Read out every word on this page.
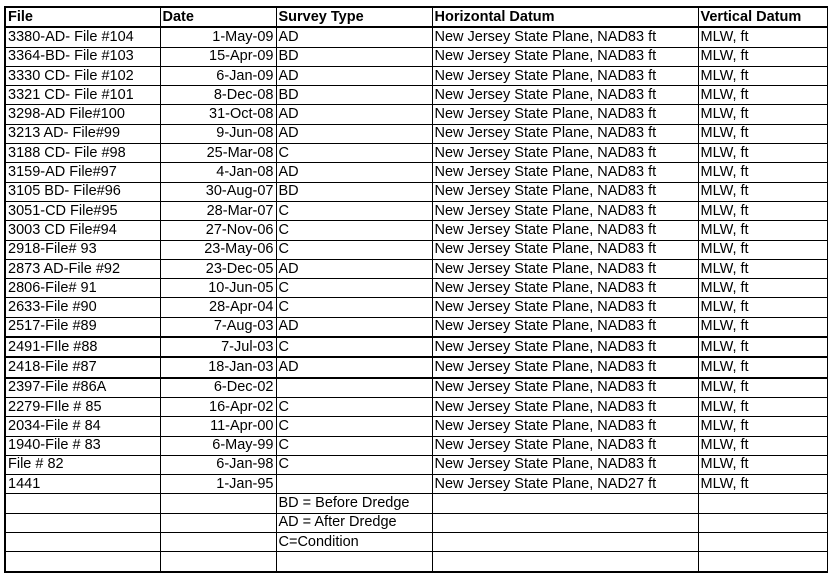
File	Date	Survey Type	Horizontal Datum	Vertical Datum
3380-AD- File #104	1-May-09	AD	New Jersey State Plane, NAD83 ft	MLW, ft
3364-BD- File #103	15-Apr-09	BD	New Jersey State Plane, NAD83 ft	MLW, ft
3330 CD- File #102	6-Jan-09	AD	New Jersey State Plane, NAD83 ft	MLW, ft
3321 CD- File #101	8-Dec-08	BD	New Jersey State Plane, NAD83 ft	MLW, ft
3298-AD File#100	31-Oct-08	AD	New Jersey State Plane, NAD83 ft	MLW, ft
3213 AD- File#99	9-Jun-08	AD	New Jersey State Plane, NAD83 ft	MLW, ft
3188 CD- File #98	25-Mar-08	C	New Jersey State Plane, NAD83 ft	MLW, ft
3159-AD File#97	4-Jan-08	AD	New Jersey State Plane, NAD83 ft	MLW, ft
3105 BD- File#96	30-Aug-07	BD	New Jersey State Plane, NAD83 ft	MLW, ft
3051-CD File#95	28-Mar-07	C	New Jersey State Plane, NAD83 ft	MLW, ft
3003 CD File#94	27-Nov-06	C	New Jersey State Plane, NAD83 ft	MLW, ft
2918-File# 93	23-May-06	C	New Jersey State Plane, NAD83 ft	MLW, ft
2873 AD-File #92	23-Dec-05	AD	New Jersey State Plane, NAD83 ft	MLW, ft
2806-File# 91	10-Jun-05	C	New Jersey State Plane, NAD83 ft	MLW, ft
2633-File #90	28-Apr-04	C	New Jersey State Plane, NAD83 ft	MLW, ft
2517-File #89	7-Aug-03	AD	New Jersey State Plane, NAD83 ft	MLW, ft
2491-FIle #88	7-Jul-03	C	New Jersey State Plane, NAD83 ft	MLW, ft
2418-File #87	18-Jan-03	AD	New Jersey State Plane, NAD83 ft	MLW, ft
2397-File #86A	6-Dec-02		New Jersey State Plane, NAD83 ft	MLW, ft
2279-FIle # 85	16-Apr-02	C	New Jersey State Plane, NAD83 ft	MLW, ft
2034-File # 84	11-Apr-00	C	New Jersey State Plane, NAD83 ft	MLW, ft
1940-File # 83	6-May-99	C	New Jersey State Plane, NAD83 ft	MLW, ft
File # 82	6-Jan-98	C	New Jersey State Plane, NAD83 ft	MLW, ft
1441	1-Jan-95		New Jersey State Plane, NAD27 ft	MLW, ft
		BD = Before Dredge		
		AD = After Dredge		
		C=Condition		
